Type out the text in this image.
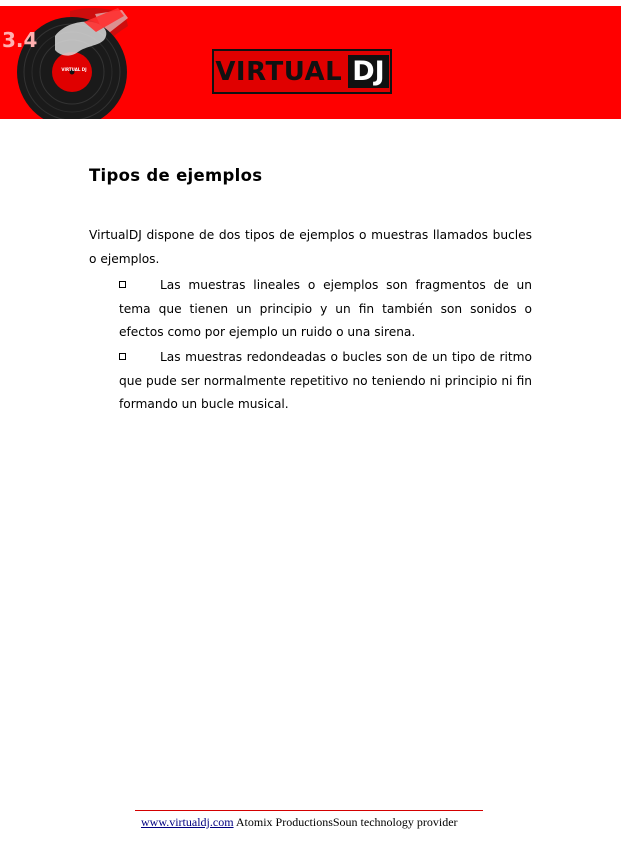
3.4
VIRTUAL DJ	VIRTUAL DJ
Tipos de ejemplos

VirtualDJ dispone de dos tipos de ejemplos o muestras llamados bucles o ejemplos.

Las muestras lineales o ejemplos son fragmentos de un tema que tienen un principio y un fin también son sonidos o efectos como por ejemplo un ruido o una sirena.

Las muestras redondeadas o bucles son de un tipo de ritmo que pude ser normalmente repetitivo no teniendo ni principio ni fin formando un bucle musical.

www.virtualdj.com Atomix ProductionsSoun technology provider
